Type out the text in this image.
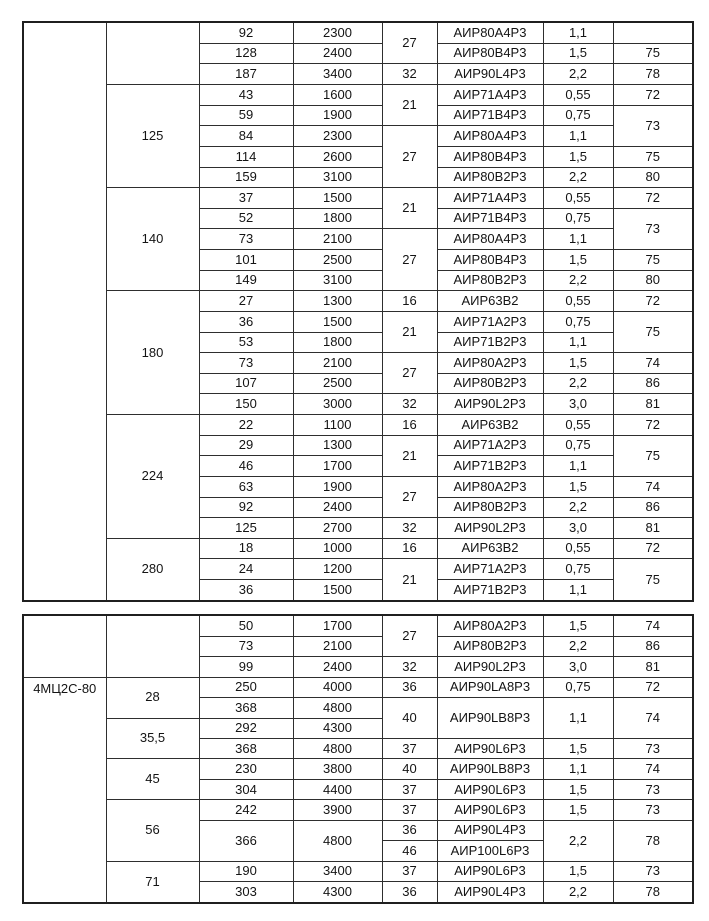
		92	2300	27	АИР80А4Р3	1,1	
		128	2400		АИР80В4Р3	1,5	75
		187	3400	32	АИР90L4Р3	2,2	78
	125	43	1600	21	АИР71А4Р3	0,55	72
		59	1900		АИР71В4Р3	0,75	73
		84	2300	27	АИР80А4Р3	1,1	
		114	2600		АИР80В4Р3	1,5	75
		159	3100		АИР80В2Р3	2,2	80
	140	37	1500	21	АИР71А4Р3	0,55	72
		52	1800		АИР71В4Р3	0,75	73
		73	2100	27	АИР80А4Р3	1,1	
		101	2500		АИР80В4Р3	1,5	75
		149	3100		АИР80В2Р3	2,2	80
	180	27	1300	16	АИР63В2	0,55	72
		36	1500	21	АИР71А2Р3	0,75	75
		53	1800		АИР71В2Р3	1,1	
		73	2100	27	АИР80А2Р3	1,5	74
		107	2500		АИР80В2Р3	2,2	86
		150	3000	32	АИР90L2Р3	3,0	81
	224	22	1100	16	АИР63В2	0,55	72
		29	1300	21	АИР71А2Р3	0,75	75
		46	1700		АИР71В2Р3	1,1	
		63	1900	27	АИР80А2Р3	1,5	74
		92	2400		АИР80В2Р3	2,2	86
		125	2700	32	АИР90L2Р3	3,0	81
	280	18	1000	16	АИР63В2	0,55	72
		24	1200	21	АИР71А2Р3	0,75	75
		36	1500		АИР71В2Р3	1,1	
		50	1700	27	АИР80А2Р3	1,5	74
		73	2100		АИР80В2Р3	2,2	86
		99	2400	32	АИР90L2Р3	3,0	81
4МЦ2С-80	28	250	4000	36	АИР90LA8Р3	0,75	72
		368	4800	40	АИР90LB8Р3	1,1	74
	35,5	292	4300				
		368	4800	37	АИР90L6Р3	1,5	73
	45	230	3800	40	АИР90LB8Р3	1,1	74
		304	4400	37	АИР90L6Р3	1,5	73
	56	242	3900	37	АИР90L6Р3	1,5	73
		366	4800	36	АИР90L4Р3	2,2	78
				46	АИР100L6Р3		
	71	190	3400	37	АИР90L6Р3	1,5	73
		303	4300	36	АИР90L4Р3	2,2	78
